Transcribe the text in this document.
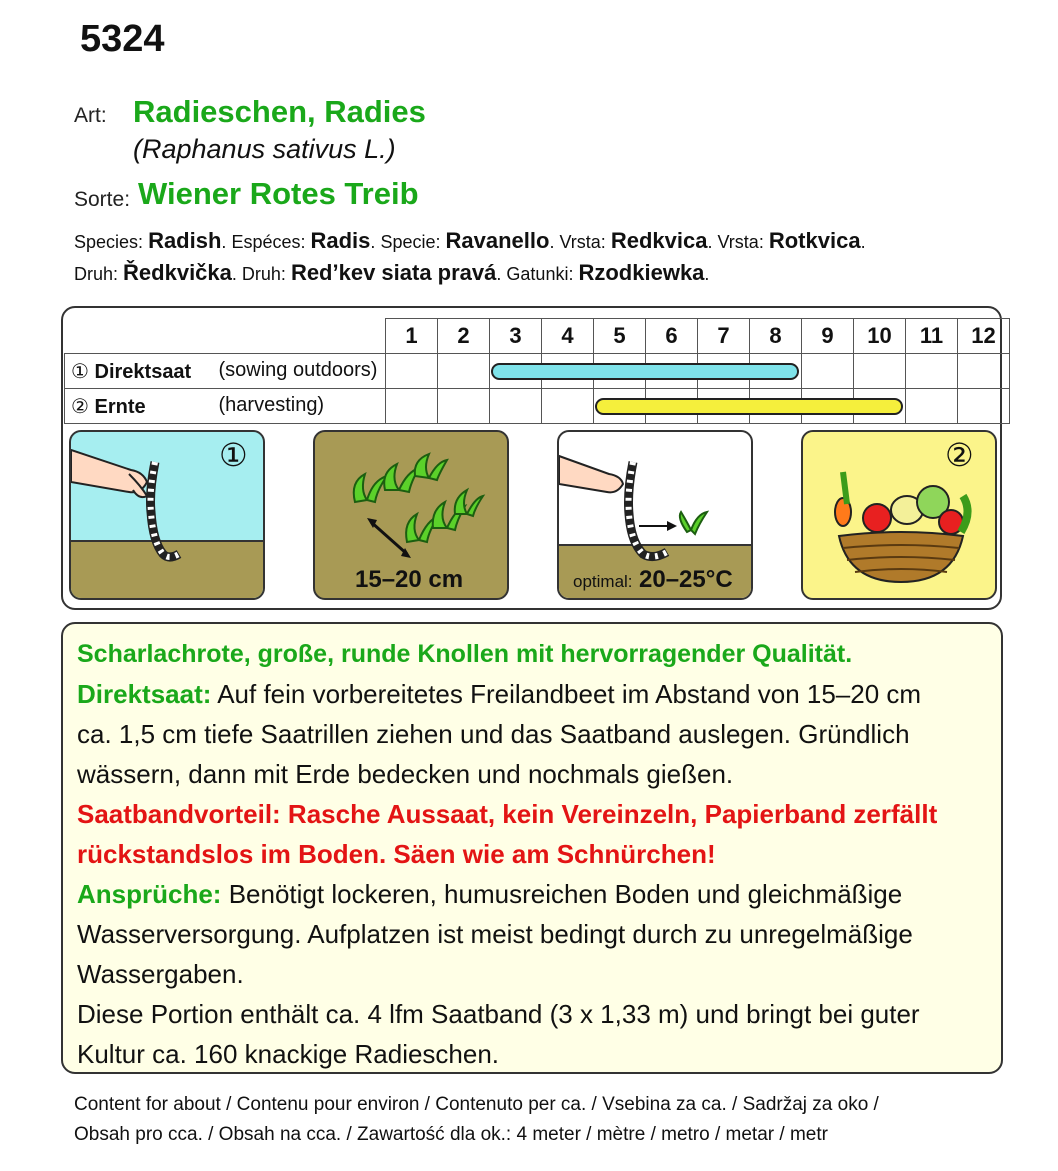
5324
Art: Radieschen, Radies
(Raphanus sativus L.)
Sorte: Wiener Rotes Treib
Species: Radish. Espéces: Radis. Specie: Ravanello. Vrsta: Redkvica. Vrsta: Rotkvica.
Druh: Ředkvička. Druh: Red’kev siata pravá. Gatunki: Rzodkiewka.
	1	2	3	4	5	6	7	8	9	10	11	12
① Direktsaat (sowing outdoors)												

② Ernte (harvesting)												

①
15–20 cm	optimal: 20–25°C
②
Scharlachrote, große, runde Knollen mit hervorragender Qualität.
Direktsaat: Auf fein vorbereitetes Freilandbeet im Abstand von 15–20 cm
ca. 1,5 cm tiefe Saatrillen ziehen und das Saatband auslegen. Gründlich
wässern, dann mit Erde bedecken und nochmals gießen.
Saatbandvorteil: Rasche Aussaat, kein Vereinzeln, Papierband zerfällt
rückstandslos im Boden. Säen wie am Schnürchen!
Ansprüche: Benötigt lockeren, humusreichen Boden und gleichmäßige
Wasserversorgung. Aufplatzen ist meist bedingt durch zu unregelmäßige
Wassergaben.
Diese Portion enthält ca. 4 lfm Saatband (3 x 1,33 m) und bringt bei guter
Kultur ca. 160 knackige Radieschen.
Content for about / Contenu pour environ / Contenuto per ca. / Vsebina za ca. / Sadržaj za oko /
Obsah pro cca. / Obsah na cca. / Zawartość dla ok.: 4 meter / mètre / metro / metar / metr
